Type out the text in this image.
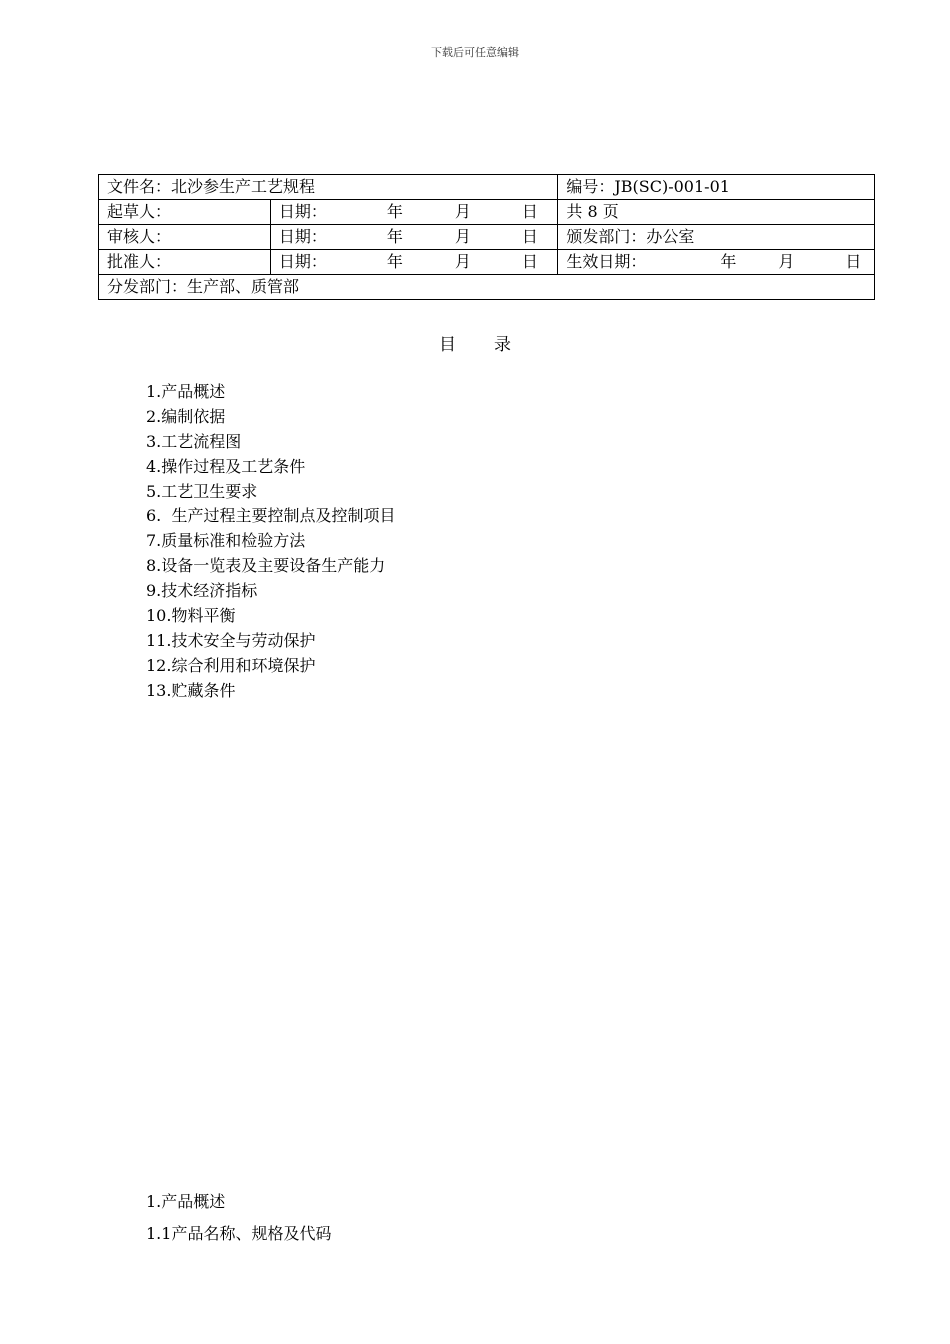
下载后可任意编辑
文件名：北沙参生产工艺规程		编号：JB(SC)-001-01
起草人：	日期： 年 月 日	共 8 页
审核人：	日期： 年 月 日	颁发部门：办公室
批准人：	日期： 年 月 日	生效日期： 年 月 日

分发部门：生产部、质管部		
目 录
1.产品概述
2.编制依据
3.工艺流程图
4.操作过程及工艺条件
5.工艺卫生要求
6.  生产过程主要控制点及控制项目
7.质量标准和检验方法
8.设备一览表及主要设备生产能力
9.技术经济指标
10.物料平衡
11.技术安全与劳动保护
12.综合利用和环境保护
13.贮藏条件
1.产品概述
1.1产品名称、规格及代码
